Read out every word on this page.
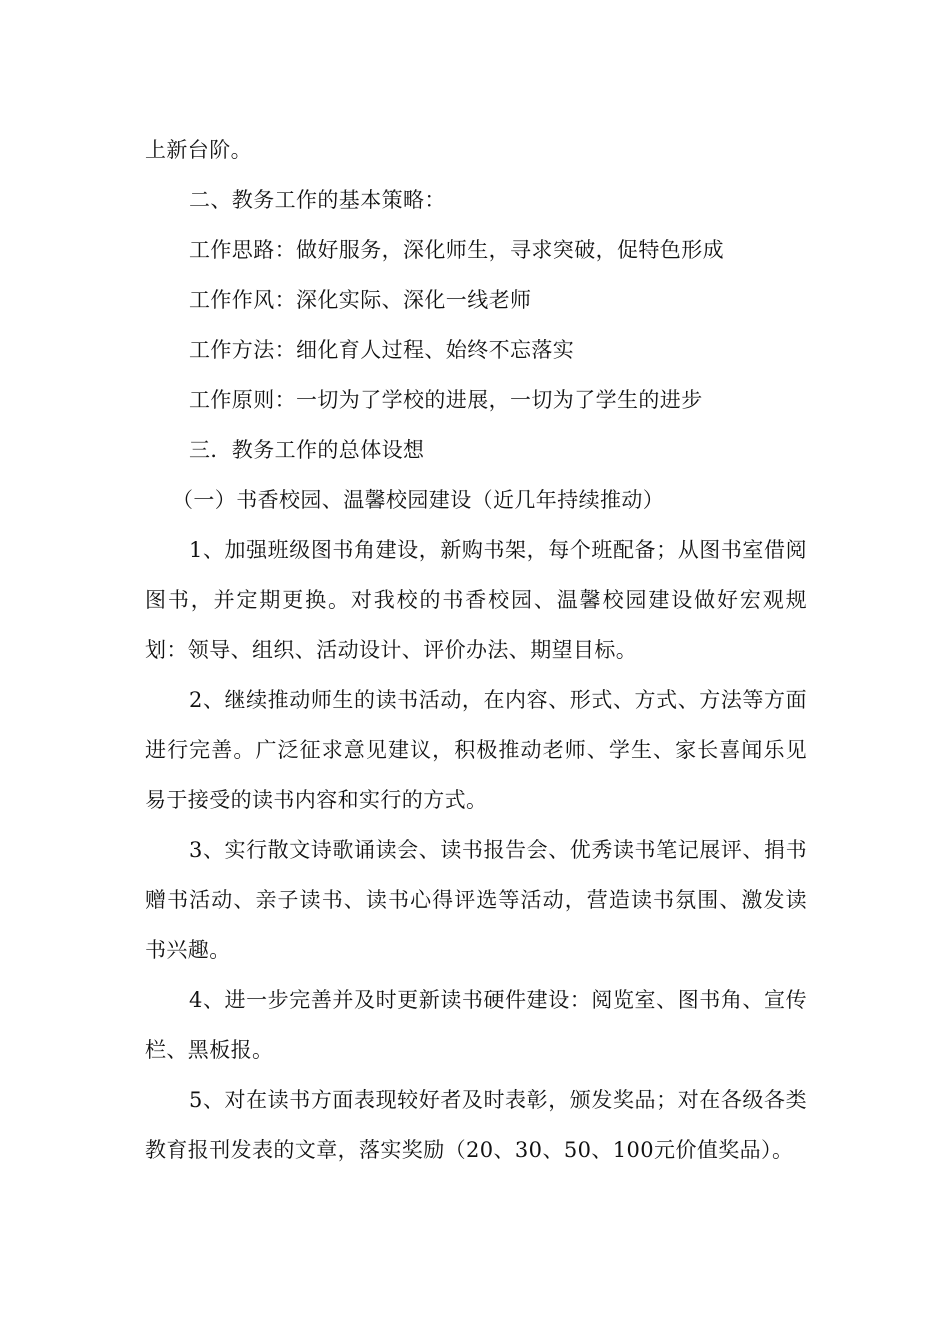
上新台阶。

二、教务工作的基本策略：

工作思路：做好服务，深化师生，寻求突破，促特色形成

工作作风：深化实际、深化一线老师

工作方法：细化育人过程、始终不忘落实

工作原则：一切为了学校的进展，一切为了学生的进步

三．教务工作的总体设想

（一）书香校园、温馨校园建设（近几年持续推动）

1、加强班级图书角建设，新购书架，每个班配备；从图书室借阅图书，并定期更换。对我校的书香校园、温馨校园建设做好宏观规划：领导、组织、活动设计、评价办法、期望目标。

2、继续推动师生的读书活动，在内容、形式、方式、方法等方面进行完善。广泛征求意见建议，积极推动老师、学生、家长喜闻乐见易于接受的读书内容和实行的方式。

3、实行散文诗歌诵读会、读书报告会、优秀读书笔记展评、捐书赠书活动、亲子读书、读书心得评选等活动，营造读书氛围、激发读书兴趣。

4、进一步完善并及时更新读书硬件建设：阅览室、图书角、宣传栏、黑板报。

5、对在读书方面表现较好者及时表彰，颁发奖品；对在各级各类教育报刊发表的文章，落实奖励（20、30、50、100元价值奖品）。
